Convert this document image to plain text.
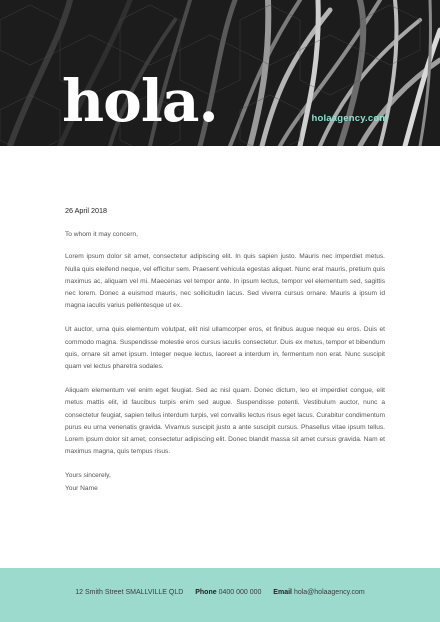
hola.	holaagency.com

26 April 2018

To whom it may concern,

Lorem ipsum dolor sit amet, consectetur adipiscing elit. In quis sapien justo. Mauris nec imperdiet metus. Nulla quis eleifend neque, vel efficitur sem. Praesent vehicula egestas aliquet. Nunc erat mauris, pretium quis maximus ac, aliquam vel mi. Maecenas vel tempor ante. In ipsum lectus, tempor vel elementum sed, sagittis nec lorem. Donec a euismod mauris, nec sollicitudin lacus. Sed viverra cursus ornare. Mauris a ipsum id magna iaculis varius pellentesque ut ex.

Ut auctor, urna quis elementum volutpat, elit nisl ullamcorper eros, et finibus augue neque eu eros. Duis et commodo magna. Suspendisse molestie eros cursus iaculis consectetur. Duis ex metus, tempor et bibendum quis, ornare sit amet ipsum. Integer neque lectus, laoreet a interdum in, fermentum non erat. Nunc suscipit quam vel lectus pharetra sodales.

Aliquam elementum vel enim eget feugiat. Sed ac nisl quam. Donec dictum, leo et imperdiet congue, elit metus mattis elit, id faucibus turpis enim sed augue. Suspendisse potenti. Vestibulum auctor, nunc a consectetur feugiat, sapien tellus interdum turpis, vel convallis lectus risus eget lacus. Curabitur condimentum purus eu urna venenatis gravida. Vivamus suscipit justo a ante suscipit cursus. Phasellus vitae ipsum tellus. Lorem ipsum dolor sit amet, consectetur adipiscing elit. Donec blandit massa sit amet cursus gravida. Nam et maximus magna, quis tempus risus.

Yours sincerely,

Your Name

12 Smith Street SMALLVILLE QLD Phone 0400 000 000 Email hola@holaagency.com
